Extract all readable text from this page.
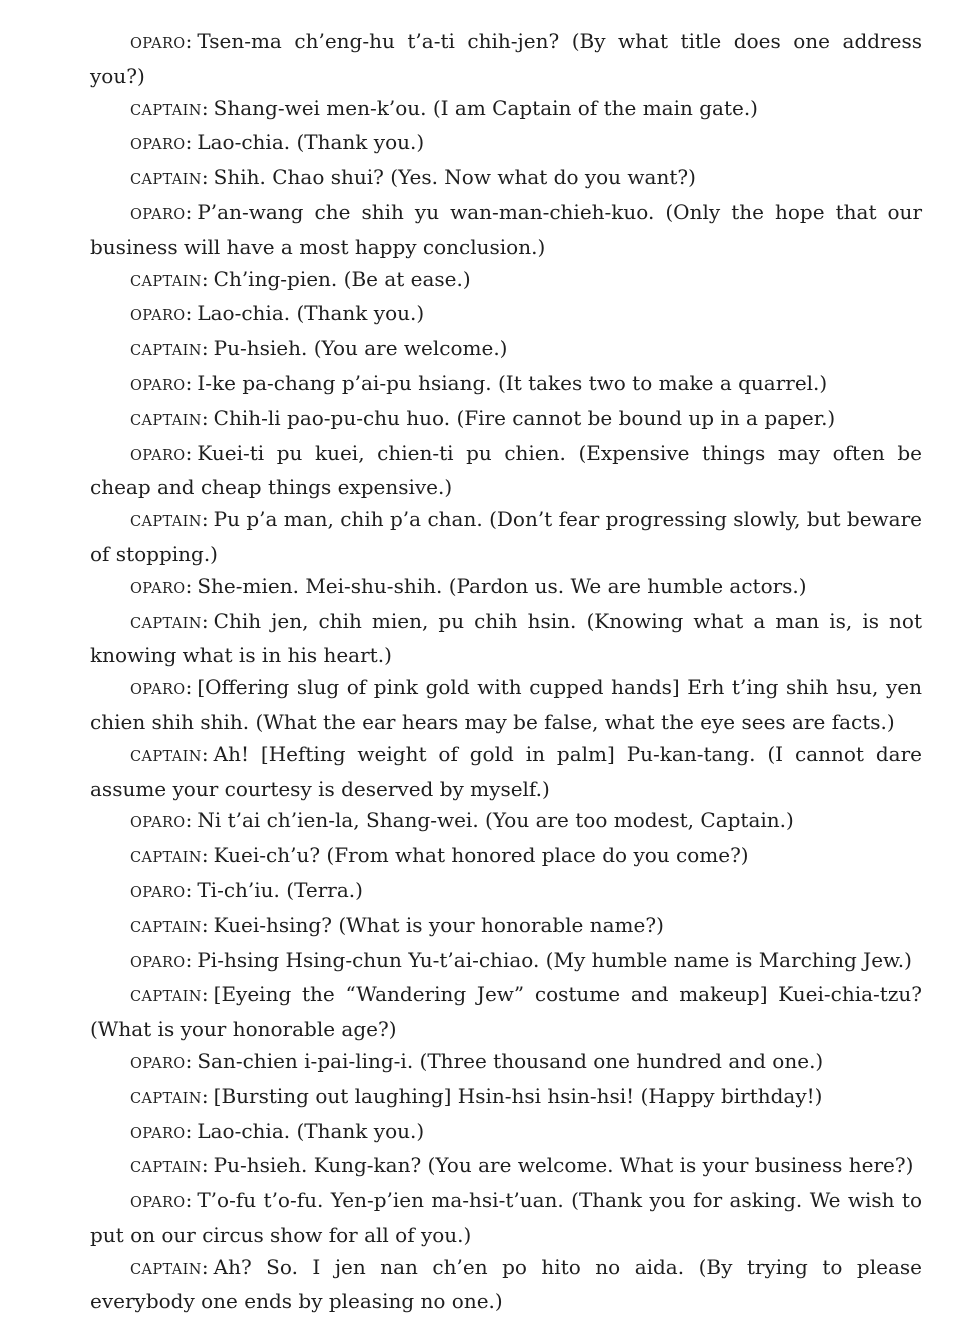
OPARO: Tsen-ma ch’eng-hu t’a-ti chih-jen? (By what title does one address you?)

CAPTAIN: Shang-wei men-k’ou. (I am Captain of the main gate.)

OPARO: Lao-chia. (Thank you.)

CAPTAIN: Shih. Chao shui? (Yes. Now what do you want?)

OPARO: P’an-wang che shih yu wan-man-chieh-kuo. (Only the hope that our business will have a most happy conclusion.)

CAPTAIN: Ch’ing-pien. (Be at ease.)

OPARO: Lao-chia. (Thank you.)

CAPTAIN: Pu-hsieh. (You are welcome.)

OPARO: I-ke pa-chang p’ai-pu hsiang. (It takes two to make a quarrel.)

CAPTAIN: Chih-li pao-pu-chu huo. (Fire cannot be bound up in a paper.)

OPARO: Kuei-ti pu kuei, chien-ti pu chien. (Expensive things may often be cheap and cheap things expensive.)

CAPTAIN: Pu p’a man, chih p’a chan. (Don’t fear progressing slowly, but beware of stopping.)

OPARO: She-mien. Mei-shu-shih. (Pardon us. We are humble actors.)

CAPTAIN: Chih jen, chih mien, pu chih hsin. (Knowing what a man is, is not knowing what is in his heart.)

OPARO: [Offering slug of pink gold with cupped hands] Erh t’ing shih hsu, yen chien shih shih. (What the ear hears may be false, what the eye sees are facts.)

CAPTAIN: Ah! [Hefting weight of gold in palm] Pu-kan-tang. (I cannot dare assume your courtesy is deserved by myself.)

OPARO: Ni t’ai ch’ien-la, Shang-wei. (You are too modest, Captain.)

CAPTAIN: Kuei-ch’u? (From what honored place do you come?)

OPARO: Ti-ch’iu. (Terra.)

CAPTAIN: Kuei-hsing? (What is your honorable name?)

OPARO: Pi-hsing Hsing-chun Yu-t’ai-chiao. (My humble name is Marching Jew.)

CAPTAIN: [Eyeing the “Wandering Jew” costume and makeup] Kuei-chia-tzu? (What is your honorable age?)

OPARO: San-chien i-pai-ling-i. (Three thousand one hundred and one.)

CAPTAIN: [Bursting out laughing] Hsin-hsi hsin-hsi! (Happy birthday!)

OPARO: Lao-chia. (Thank you.)

CAPTAIN: Pu-hsieh. Kung-kan? (You are welcome. What is your business here?)

OPARO: T’o-fu t’o-fu. Yen-p’ien ma-hsi-t’uan. (Thank you for asking. We wish to put on our circus show for all of you.)

CAPTAIN: Ah? So. I jen nan ch’en po hito no aida. (By trying to please everybody one ends by pleasing no one.)
